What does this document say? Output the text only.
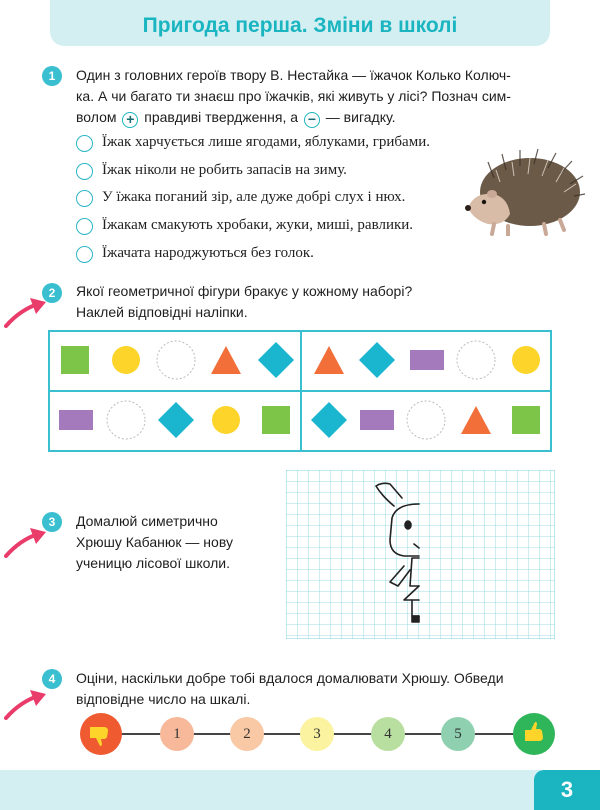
Пригода перша. Зміни в школі
1	Один з головних героїв твору В. Нестайка — їжачок Колько Колюч-
ка. А чи багато ти знаєш про їжачків, які живуть у лісі? Познач сим-
волом + правдиві твердження, а − — вигадку.
Їжак харчується лише ягодами, яблуками, грибами.
Їжак ніколи не робить запасів на зиму.
У їжака поганий зір, але дуже добрі слух і нюх.
Їжакам смакують хробаки, жуки, миші, равлики.
Їжачата народжуються без голок.
2	Якої геометричної фігури бракує у кожному наборі?
Наклей відповідні наліпки.
3	Домалюй симетрично
Хрюшу Кабанюк — нову
ученицю лісової школи.
4	Оціни, наскільки добре тобі вдалося домалювати Хрюшу. Обведи
відповідне число на шкалі.
1	2	3	4	5
3
